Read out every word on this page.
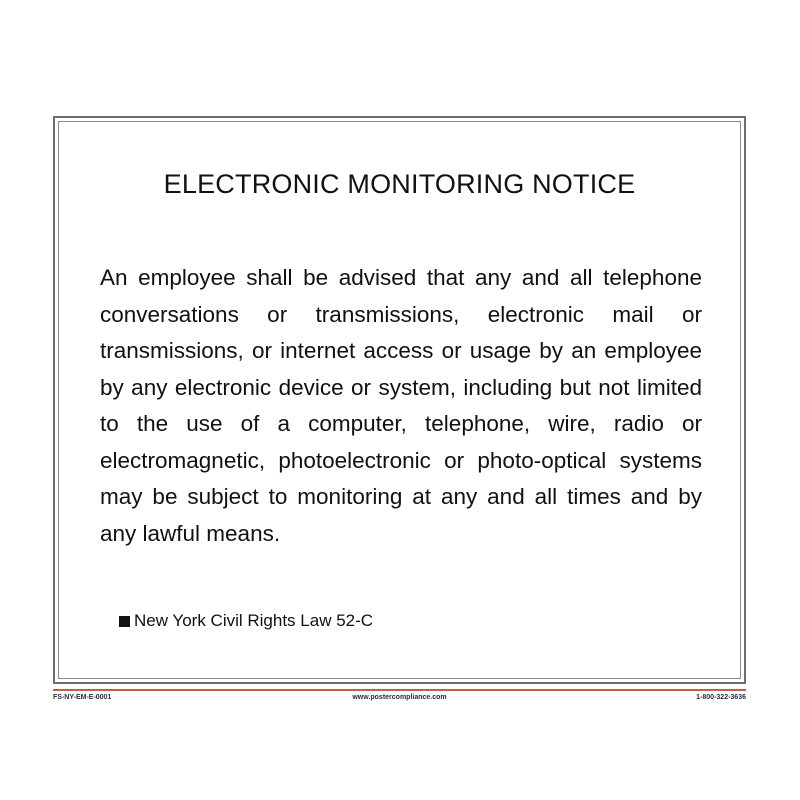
ELECTRONIC MONITORING NOTICE

An employee shall be advised that any and all telephone conversations or transmissions, electronic mail or transmissions, or internet access or usage by an employee by any electronic device or system, including but not limited to the use of a computer, telephone, wire, radio or electromagnetic, photoelectronic or photo-optical systems may be subject to monitoring at any and all times and by any lawful means.

New York Civil Rights Law 52-C
FS-NY-EM-E-0001	www.postercompliance.com	1-800-322-3636
